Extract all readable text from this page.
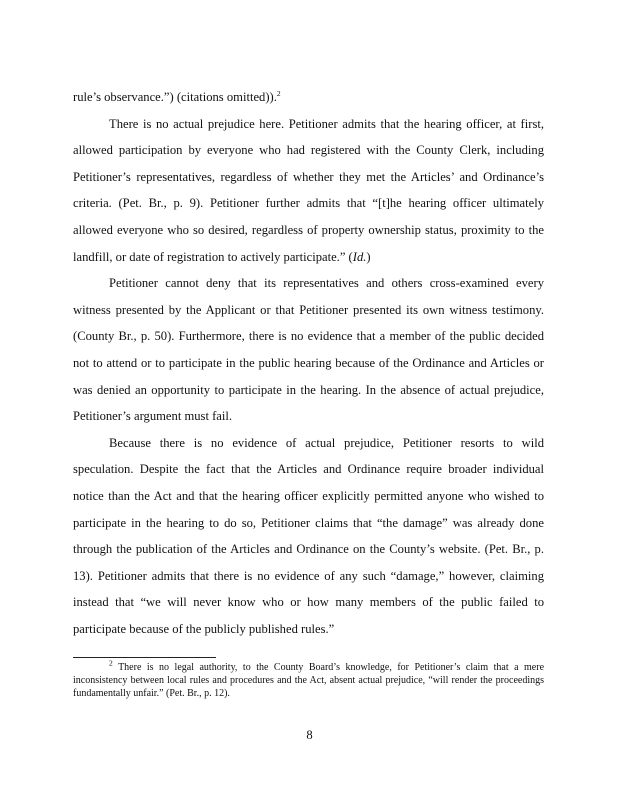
rule’s observance.”) (citations omitted)).$^2$

There is no actual prejudice here. Petitioner admits that the hearing officer, at first, allowed participation by everyone who had registered with the County Clerk, including Petitioner’s representatives, regardless of whether they met the Articles’ and Ordinance’s criteria. (Pet. Br., p. 9). Petitioner further admits that “[t]he hearing officer ultimately allowed everyone who so desired, regardless of property ownership status, proximity to the landfill, or date of registration to actively participate.” (Id.)

Petitioner cannot deny that its representatives and others cross-examined every witness presented by the Applicant or that Petitioner presented its own witness testimony. (County Br., p. 50). Furthermore, there is no evidence that a member of the public decided not to attend or to participate in the public hearing because of the Ordinance and Articles or was denied an opportunity to participate in the hearing. In the absence of actual prejudice, Petitioner’s argument must fail.

Because there is no evidence of actual prejudice, Petitioner resorts to wild speculation. Despite the fact that the Articles and Ordinance require broader individual notice than the Act and that the hearing officer explicitly permitted anyone who wished to participate in the hearing to do so, Petitioner claims that “the damage” was already done through the publication of the Articles and Ordinance on the County’s website. (Pet. Br., p. 13). Petitioner admits that there is no evidence of any such “damage,” however, claiming instead that “we will never know who or how many members of the public failed to participate because of the publicly published rules.”

$^2$ There is no legal authority, to the County Board’s knowledge, for Petitioner’s claim that a mere inconsistency between local rules and procedures and the Act, absent actual prejudice, “will render the proceedings fundamentally unfair.” (Pet. Br., p. 12).

8
